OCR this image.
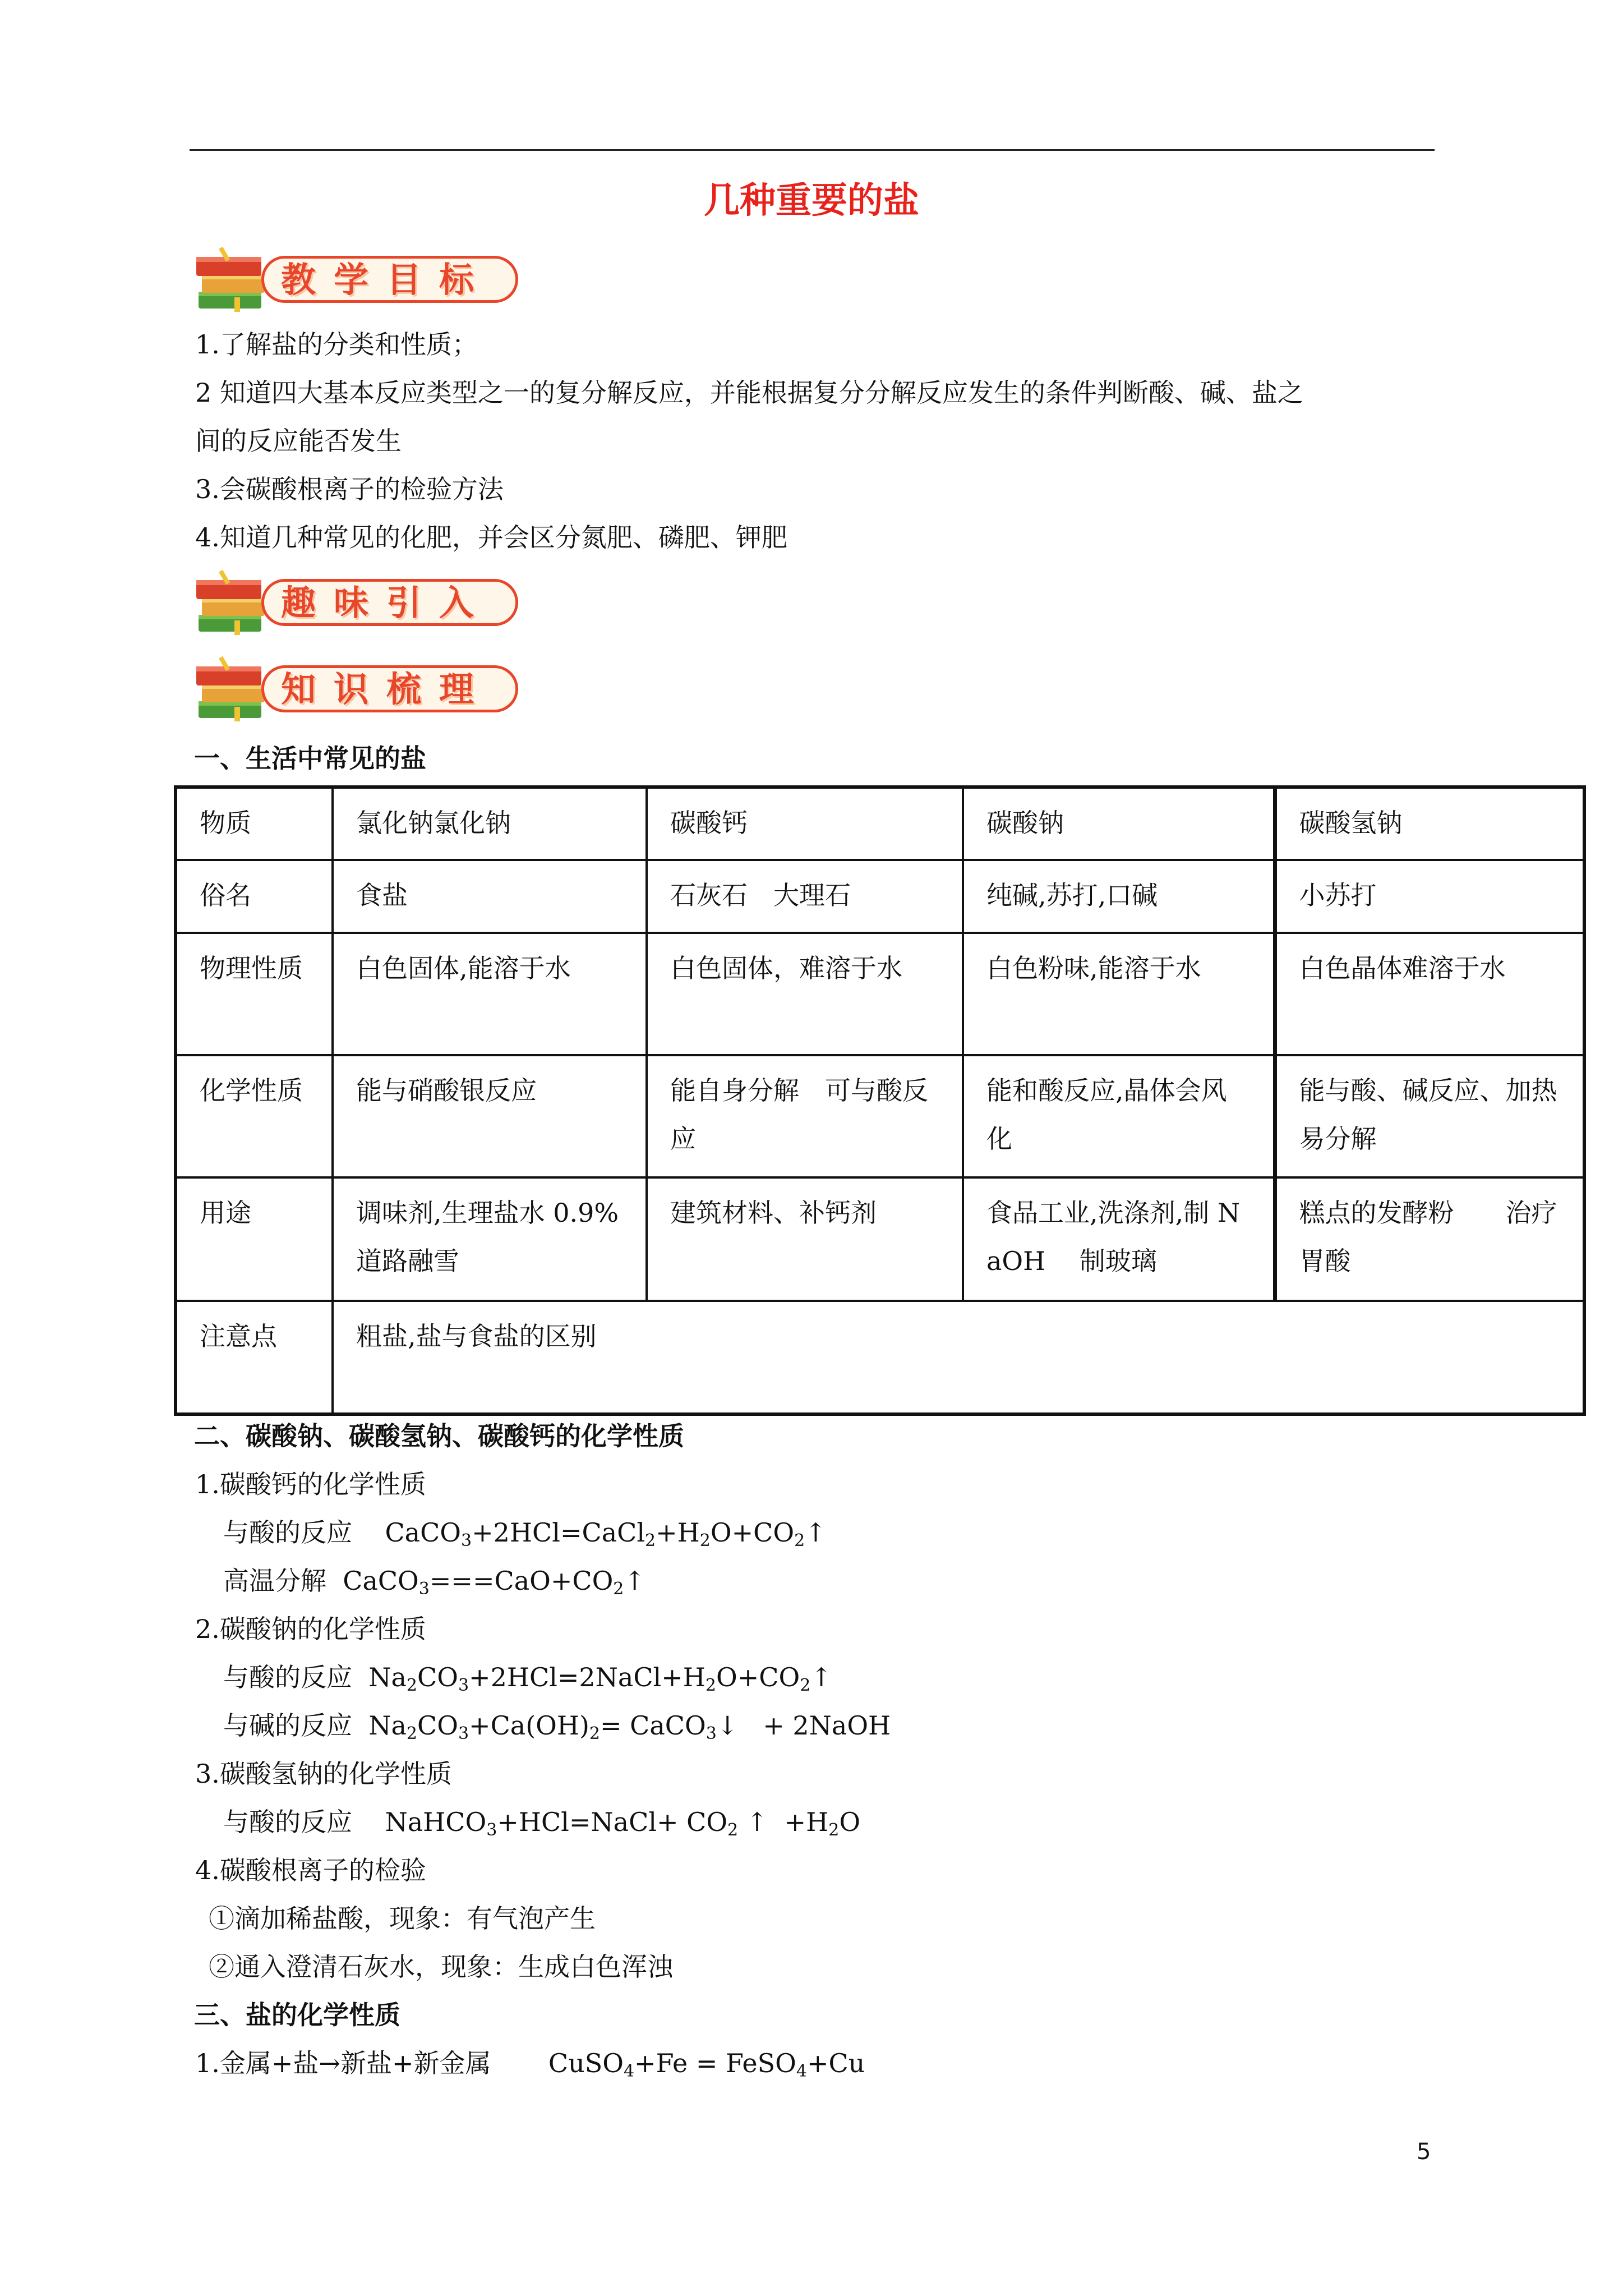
几种重要的盐
教学目标
1.了解盐的分类和性质；
2 知道四大基本反应类型之一的复分解反应，并能根据复分分解反应发生的条件判断酸、碱、盐之
间的反应能否发生
3.会碳酸根离子的检验方法
4.知道几种常见的化肥，并会区分氮肥、磷肥、钾肥
趣味引入
知识梳理
一、生活中常见的盐
物质	氯化钠氯化钠	碳酸钙	碳酸钠	碳酸氢钠
俗名	食盐	石灰石　大理石	纯碱,苏打,口碱	小苏打
物理性质	白色固体,能溶于水	白色固体，难溶于水	白色粉味,能溶于水	白色晶体难溶于水
化学性质	能与硝酸银反应	能自身分解　可与酸反应	能和酸反应,晶体会风化	能与酸、碱反应、加热易分解
用途	调味剂,生理盐水 0.9%　 道路融雪	建筑材料、补钙剂	食品工业,洗涤剂,制 NaOH　 制玻璃	糕点的发酵粉　　治疗胃酸
注意点	粗盐,盐与食盐的区别			
二、碳酸钠、碳酸氢钠、碳酸钙的化学性质
1.碳酸钙的化学性质
与酸的反应    $CaCO_3+2HCl=CaCl_2+H_2O+CO_2↑$
高温分解  $CaCO_3===CaO+CO_2↑$
2.碳酸钠的化学性质
与酸的反应  $Na_2CO_3+2HCl=2NaCl+H_2O+CO_2↑$
与碱的反应  $Na_2CO_3+Ca(OH)_2=$ CaCO$_3$↓   + 2NaOH
3.碳酸氢钠的化学性质
与酸的反应    NaHCO$_3$+HCl=NaCl+ $CO_2$ ↑  $+H_2O$
4.碳酸根离子的检验
①滴加稀盐酸，现象：有气泡产生
②通入澄清石灰水，现象：生成白色浑浊
三、盐的化学性质
1.金属+盐→新盐+新金属       CuSO$_4$+Fe = FeSO$_4$+Cu
5
